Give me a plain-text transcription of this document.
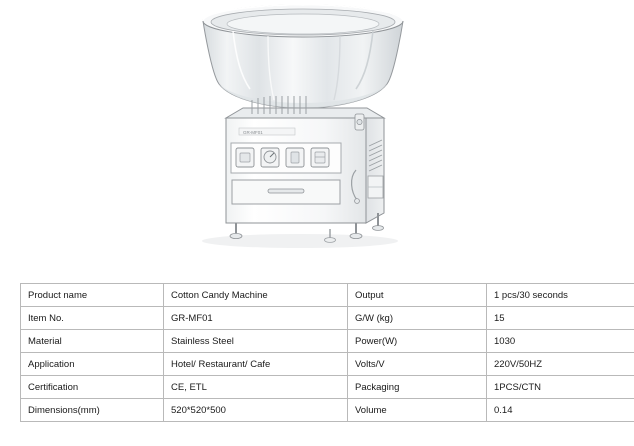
GR-MF01
Product name	Cotton Candy Machine	Output	1 pcs/30 seconds
Item No.	GR-MF01	G/W (kg)	15
Material	Stainless Steel	Power(W)	1030
Application	Hotel/ Restaurant/ Cafe	Volts/V	220V/50HZ
Certification	CE, ETL	Packaging	1PCS/CTN
Dimensions(mm)	520*520*500	Volume	0.14
